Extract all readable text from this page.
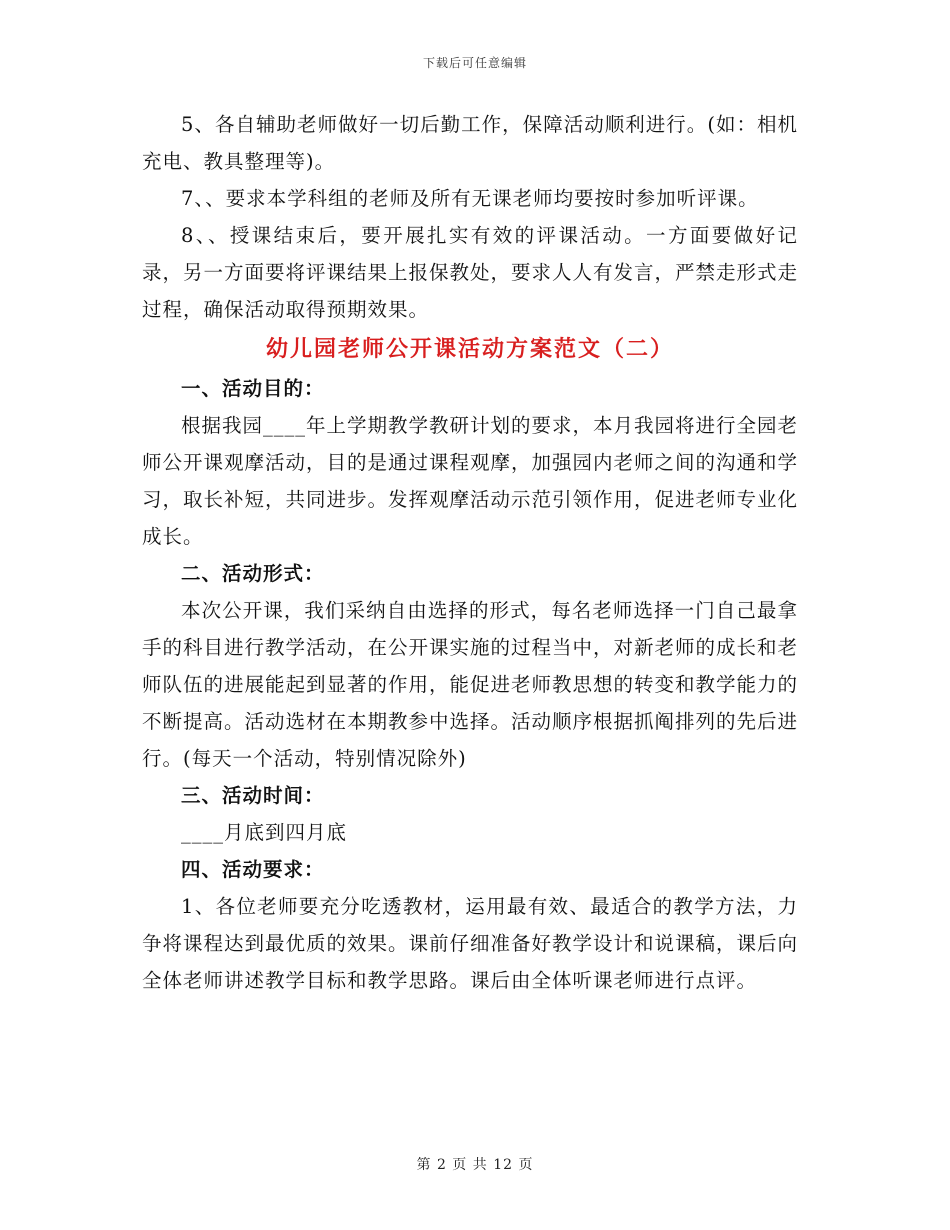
下载后可任意编辑

5、各自辅助老师做好一切后勤工作，保障活动顺利进行。(如：相机充电、教具整理等)。

7、、要求本学科组的老师及所有无课老师均要按时参加听评课。

8、、授课结束后，要开展扎实有效的评课活动。一方面要做好记录，另一方面要将评课结果上报保教处，要求人人有发言，严禁走形式走过程，确保活动取得预期效果。

幼儿园老师公开课活动方案范文（二）
一、活动目的：

根据我园____年上学期教学教研计划的要求，本月我园将进行全园老师公开课观摩活动，目的是通过课程观摩，加强园内老师之间的沟通和学习，取长补短，共同进步。发挥观摩活动示范引领作用，促进老师专业化成长。

二、活动形式：

本次公开课，我们采纳自由选择的形式，每名老师选择一门自己最拿手的科目进行教学活动，在公开课实施的过程当中，对新老师的成长和老师队伍的进展能起到显著的作用，能促进老师教思想的转变和教学能力的不断提高。活动选材在本期教参中选择。活动顺序根据抓阄排列的先后进行。(每天一个活动，特别情况除外)

三、活动时间：

____月底到四月底

四、活动要求：

1、各位老师要充分吃透教材，运用最有效、最适合的教学方法，力争将课程达到最优质的效果。课前仔细准备好教学设计和说课稿，课后向全体老师讲述教学目标和教学思路。课后由全体听课老师进行点评。

第 2 页 共 12 页
